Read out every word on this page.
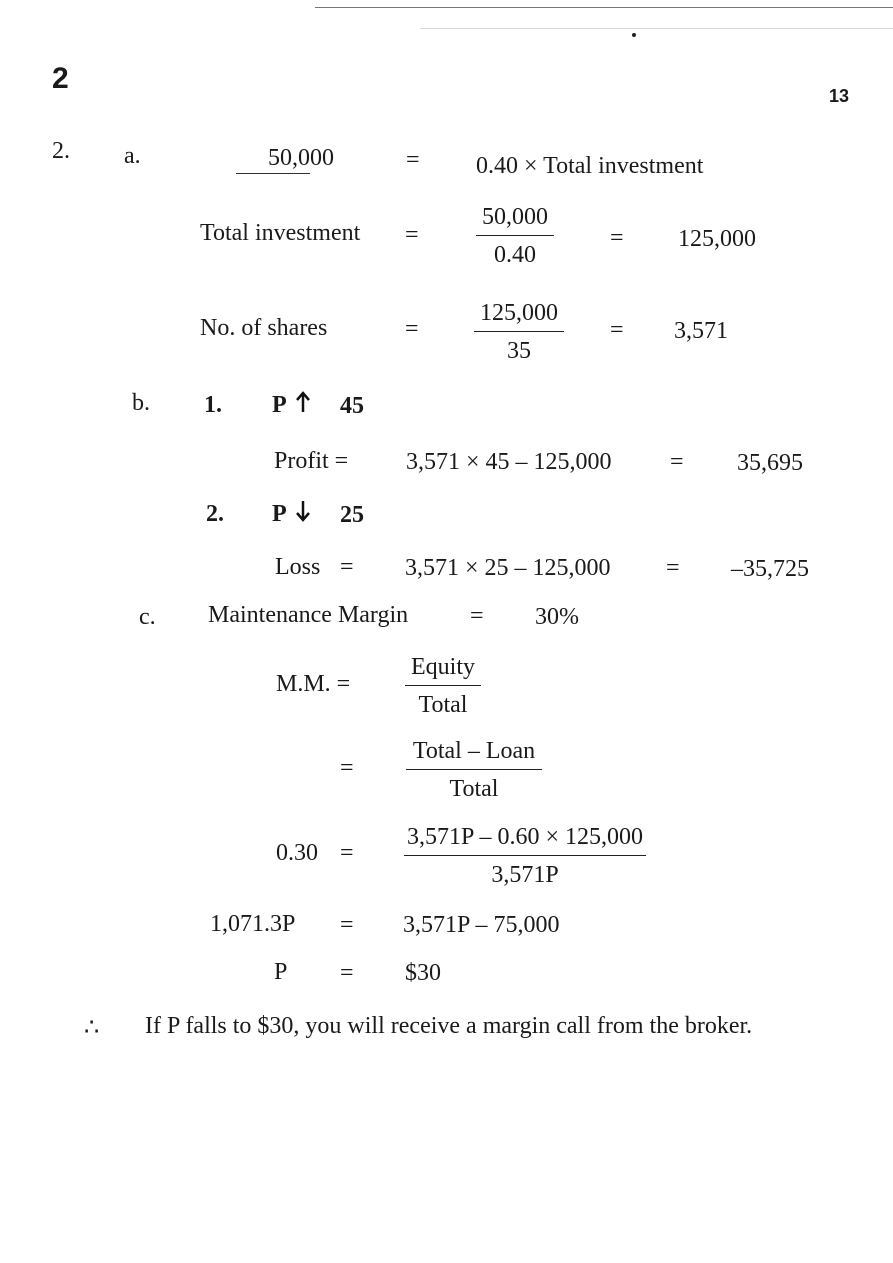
2
13
2. a.	50,000	= 0.40 × Total investment
Total investment = $\frac{50,000}{0.40} = 125,000$
No. of shares	= $\frac{125,000}{35} = 3,571$
b. 1. P 45
Profit = 3,571 × 45 – 125,000 = 35,695
2. P 25
Loss = 3,571 × 25 – 125,000 = –35,725
c. Maintenance Margin	= 30%
M.M. =
Equity
Total
=
Total – Loan
Total
$0.30 = \frac{3,571P - 0.60 \times 125,000}{3,571P}$
1,071.3P = 3,571P – 75,000
P = $30
∴ If P falls to $30, you will receive a margin call from the broker.
